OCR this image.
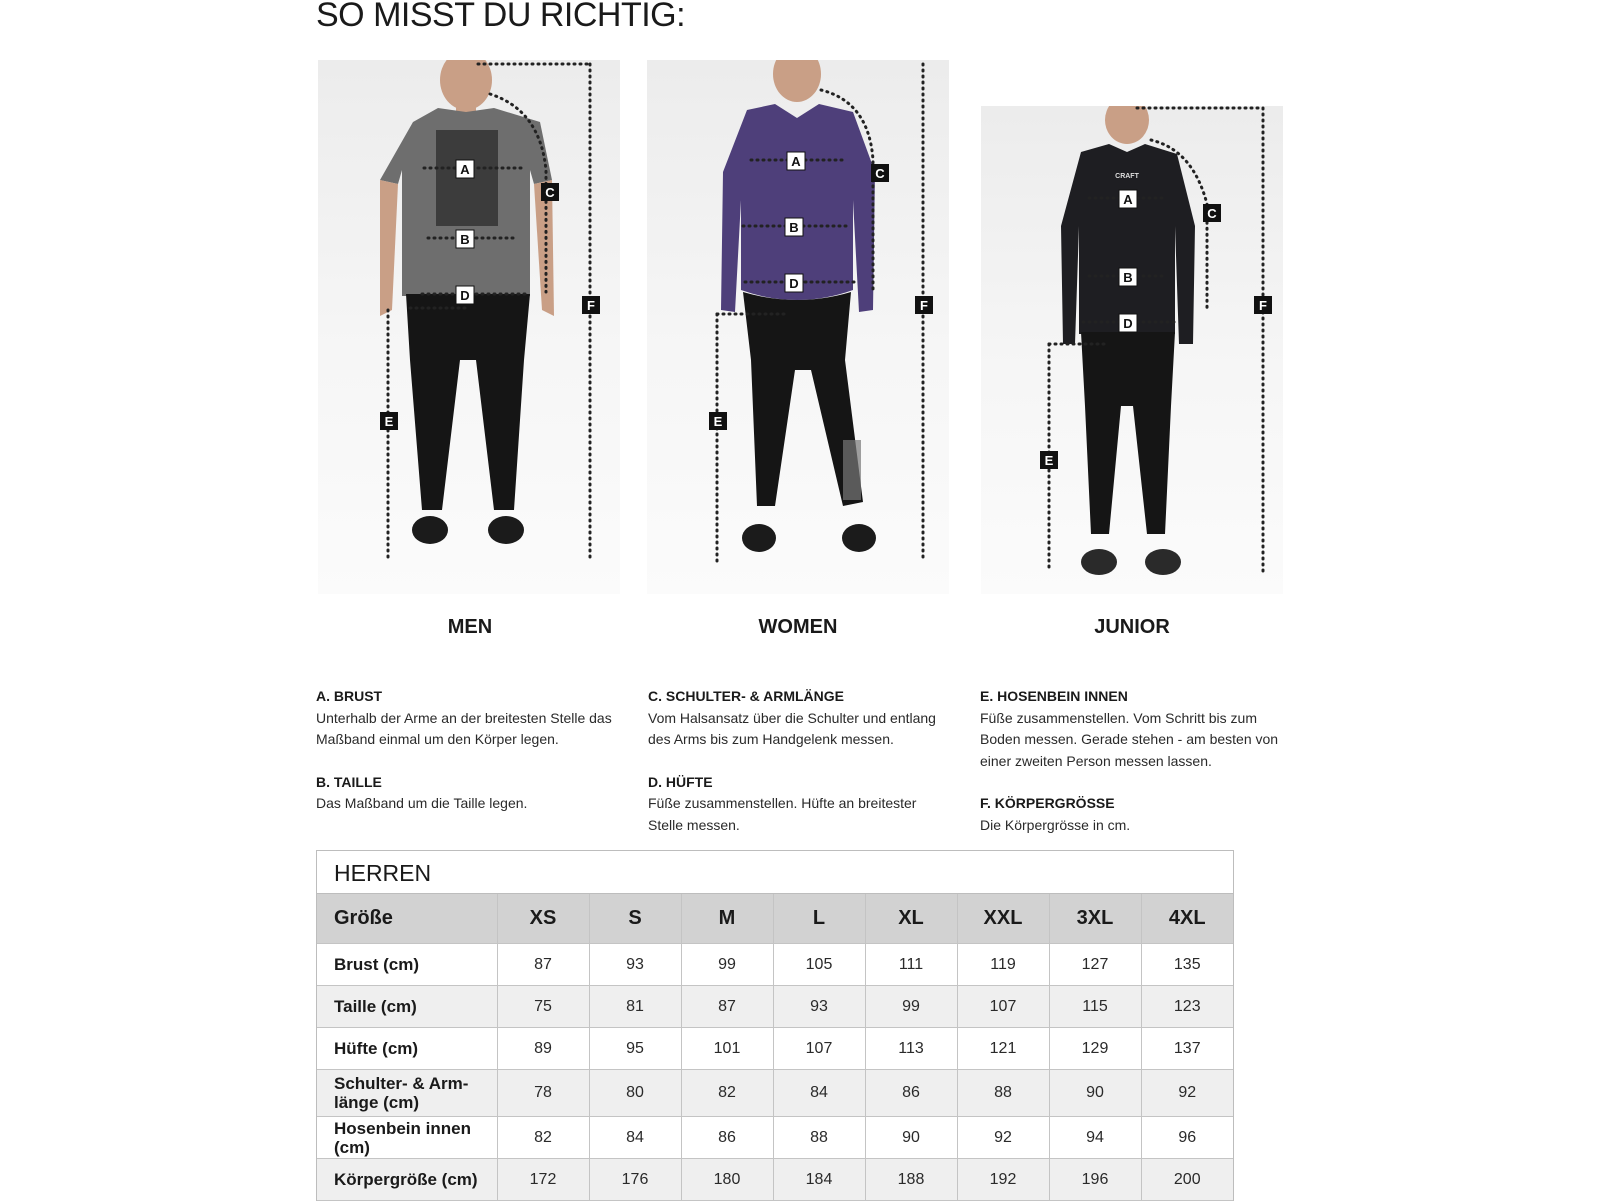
SO MISST DU RICHTIG:
A
B
C
D
E
F
A
B
C
D
E
F
CRAFT
A
B
C
D
E
F
MEN	WOMEN	JUNIOR
A. BRUST
Unterhalb der Arme an der breitesten Stelle das Maßband einmal um den Körper legen.
B. TAILLE
Das Maßband um die Taille legen.
C. SCHULTER- & ARMLÄNGE
Vom Halsansatz über die Schulter und entlang des Arms bis zum Handgelenk messen.
D. HÜFTE
Füße zusammenstellen. Hüfte an breitester Stelle messen.
E. HOSENBEIN INNEN
Füße zusammenstellen. Vom Schritt bis zum Boden messen. Gerade stehen - am besten von einer zweiten Person messen lassen.
F. KÖRPERGRÖSSE
Die Körpergrösse in cm.
HERREN
Größe	XS	S	M	L	XL	XXL	3XL	4XL
Brust (cm)	87	93	99	105	111	119	127	135
Taille (cm)	75	81	87	93	99	107	115	123
Hüfte (cm)	89	95	101	107	113	121	129	137
Schulter- & Arm-länge (cm)	78	80	82	84	86	88	90	92
Hosenbein innen (cm)	82	84	86	88	90	92	94	96
Körpergröße (cm)	172	176	180	184	188	192	196	200
